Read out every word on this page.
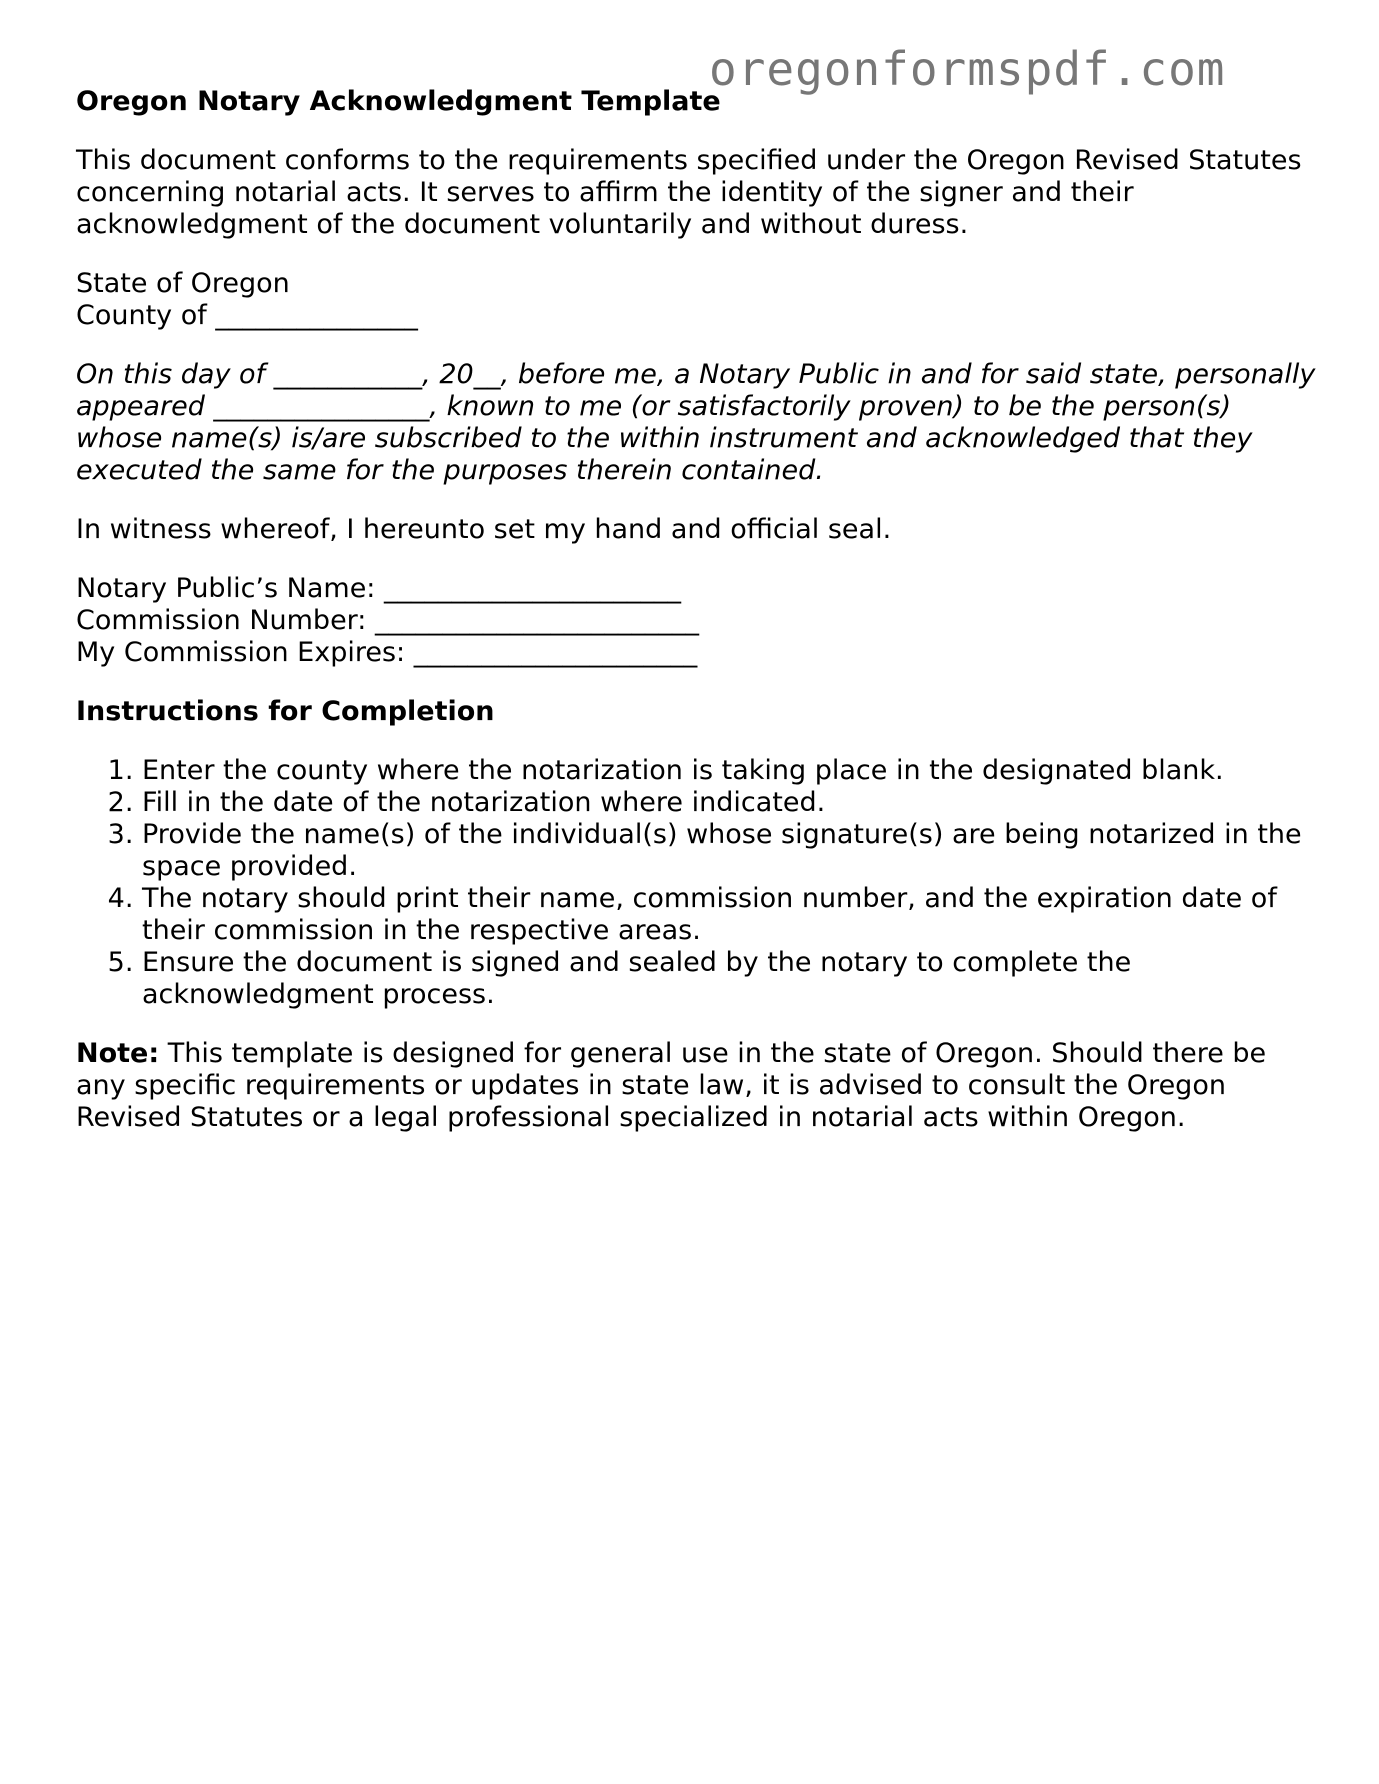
oregonformspdf.com

Oregon Notary Acknowledgment Template

This document conforms to the requirements specified under the Oregon Revised Statutes concerning notarial acts. It serves to affirm the identity of the signer and their acknowledgment of the document voluntarily and without duress.

State of Oregon

County of _______________

On this day of ___________, 20__, before me, a Notary Public in and for said state, personally appeared ________________, known to me (or satisfactorily proven) to be the person(s) whose name(s) is/are subscribed to the within instrument and acknowledged that they executed the same for the purposes therein contained.

In witness whereof, I hereunto set my hand and official seal.

Notary Public’s Name: ______________________

Commission Number: ________________________

My Commission Expires: _____________________

Instructions for Completion

1. Enter the county where the notarization is taking place in the designated blank.
2. Fill in the date of the notarization where indicated.
3. Provide the name(s) of the individual(s) whose signature(s) are being notarized in the space provided.
4. The notary should print their name, commission number, and the expiration date of their commission in the respective areas.
5. Ensure the document is signed and sealed by the notary to complete the acknowledgment process.

Note: This template is designed for general use in the state of Oregon. Should there be any specific requirements or updates in state law, it is advised to consult the Oregon Revised Statutes or a legal professional specialized in notarial acts within Oregon.
